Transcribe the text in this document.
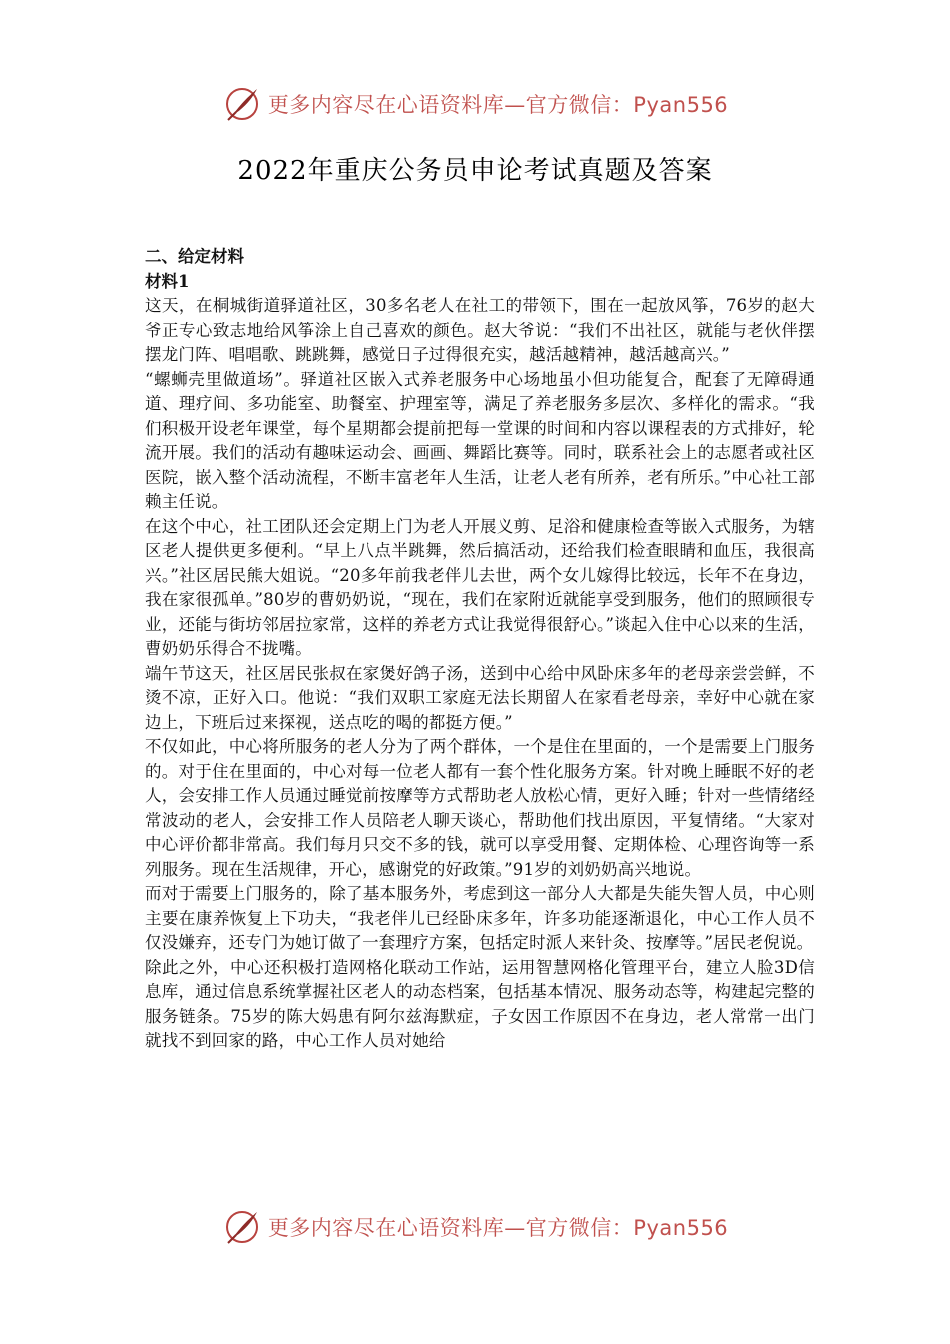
更多内容尽在心语资料库—官方微信：Pyan556
2022年重庆公务员申论考试真题及答案

二、给定材料

材料1

这天，在桐城街道驿道社区，30多名老人在社工的带领下，围在一起放风筝，76岁的赵大爷正专心致志地给风筝涂上自己喜欢的颜色。赵大爷说：“我们不出社区，就能与老伙伴摆摆龙门阵、唱唱歌、跳跳舞，感觉日子过得很充实，越活越精神，越活越高兴。”

“螺蛳壳里做道场”。驿道社区嵌入式养老服务中心场地虽小但功能复合，配套了无障碍通道、理疗间、多功能室、助餐室、护理室等，满足了养老服务多层次、多样化的需求。“我们积极开设老年课堂，每个星期都会提前把每一堂课的时间和内容以课程表的方式排好，轮流开展。我们的活动有趣味运动会、画画、舞蹈比赛等。同时，联系社会上的志愿者或社区医院，嵌入整个活动流程，不断丰富老年人生活，让老人老有所养，老有所乐。”中心社工部赖主任说。

在这个中心，社工团队还会定期上门为老人开展义剪、足浴和健康检查等嵌入式服务，为辖区老人提供更多便利。“早上八点半跳舞，然后搞活动，还给我们检查眼睛和血压，我很高兴。”社区居民熊大姐说。“20多年前我老伴儿去世，两个女儿嫁得比较远，长年不在身边，我在家很孤单。”80岁的曹奶奶说，“现在，我们在家附近就能享受到服务，他们的照顾很专业，还能与街坊邻居拉家常，这样的养老方式让我觉得很舒心。”谈起入住中心以来的生活，曹奶奶乐得合不拢嘴。

端午节这天，社区居民张叔在家煲好鸽子汤，送到中心给中风卧床多年的老母亲尝尝鲜，不烫不凉，正好入口。他说：“我们双职工家庭无法长期留人在家看老母亲，幸好中心就在家边上，下班后过来探视，送点吃的喝的都挺方便。”

不仅如此，中心将所服务的老人分为了两个群体，一个是住在里面的，一个是需要上门服务的。对于住在里面的，中心对每一位老人都有一套个性化服务方案。针对晚上睡眠不好的老人，会安排工作人员通过睡觉前按摩等方式帮助老人放松心情，更好入睡；针对一些情绪经常波动的老人，会安排工作人员陪老人聊天谈心，帮助他们找出原因，平复情绪。“大家对中心评价都非常高。我们每月只交不多的钱，就可以享受用餐、定期体检、心理咨询等一系列服务。现在生活规律，开心，感谢党的好政策。”91岁的刘奶奶高兴地说。

而对于需要上门服务的，除了基本服务外，考虑到这一部分人大都是失能失智人员，中心则主要在康养恢复上下功夫，“我老伴儿已经卧床多年，许多功能逐渐退化，中心工作人员不仅没嫌弃，还专门为她订做了一套理疗方案，包括定时派人来针灸、按摩等。”居民老倪说。

除此之外，中心还积极打造网格化联动工作站，运用智慧网格化管理平台，建立人脸3D信息库，通过信息系统掌握社区老人的动态档案，包括基本情况、服务动态等，构建起完整的服务链条。75岁的陈大妈患有阿尔兹海默症，子女因工作原因不在身边，老人常常一出门就找不到回家的路，中心工作人员对她给

更多内容尽在心语资料库—官方微信：Pyan556
